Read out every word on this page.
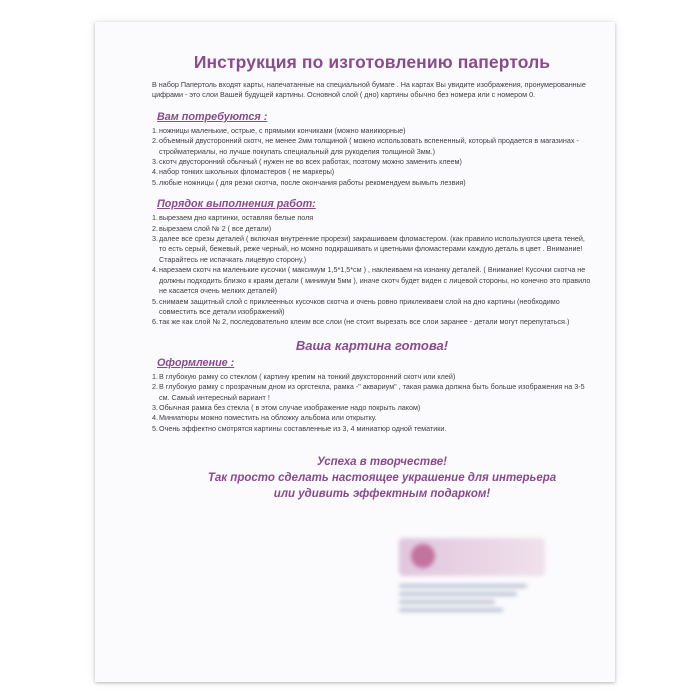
Инструкция по изготовлению папертоль

В набор Папертоль входят карты, напечатанные на специальной бумаге . На картах Вы увидите изображения, пронумерованные цифрами - это слои Вашей будущей картины. Основной слой ( дно) картины обычно без номера или с номером 0.

Вам потребуются :
1. ножницы маленькие, острые, с прямыми кончиками (можно маникюрные)
2. объемный двусторонний скотч, не менее 2мм толщиной ( можно использовать вспененный, который продается в магазинах - стройматериалы, но лучше покупать специальный для рукоделия толщиной 3мм.)
3. скотч двусторонний обычный ( нужен не во всех работах, поэтому можно заменить клеем)
4. набор тонких школьных фломастеров ( не маркеры)
5. любые ножницы ( для резки скотча, после окончания работы рекомендуем вымыть лезвия)
Порядок выполнения работ:
1. вырезаем дно картинки, оставляя белые поля
2. вырезаем слой № 2 ( все детали)
3. далее все срезы деталей ( включая внутренние прорези) закрашиваем фломастером. (как правило используются цвета теней, то есть серый, бежевый, реже черный, но можно подкрашивать и цветными фломастерами каждую деталь в цвет . Внимание! Старайтесь не испачкать лицевую сторону.)
4. нарезаем скотч на маленькие кусочки ( максимум 1,5*1,5*см ) , наклеиваем на изнанку деталей. ( Внимание! Кусочки скотча не должны подходить близко к краям детали ( минимум 5мм ), иначе скотч будет виден с лицевой стороны, но конечно это правило не касается очень мелких деталей)
5. снимаем защитный слой с приклеенных кусочков скотча и очень ровно приклеиваем слой на дно картины (необходимо совместить все детали изображений)
6. так же как слой № 2, последовательно клеим все слои (не стоит вырезать все слои заранее - детали могут перепутаться.)
Ваша картина готова!
Оформление :
1. В глубокую рамку со стеклом ( картину крепим на тонкий двухсторонний скотч или клей)
2. В глубокую рамку с прозрачным дном из оргстекла, рамка -" аквариум" , такая рамка должна быть больше изображения на 3-5 см. Самый интересный вариант !
3. Обычная рамка без стекла ( в этом случае изображение надо покрыть лаком)
4. Миниатюры можно поместить на обложку альбома или открытку.
5. Очень эффектно смотрятся картины составленные из 3, 4 миниатюр одной тематики.
Успеха в творчестве!
Так просто сделать настоящее украшение для интерьера
или удивить эффектным подарком!
